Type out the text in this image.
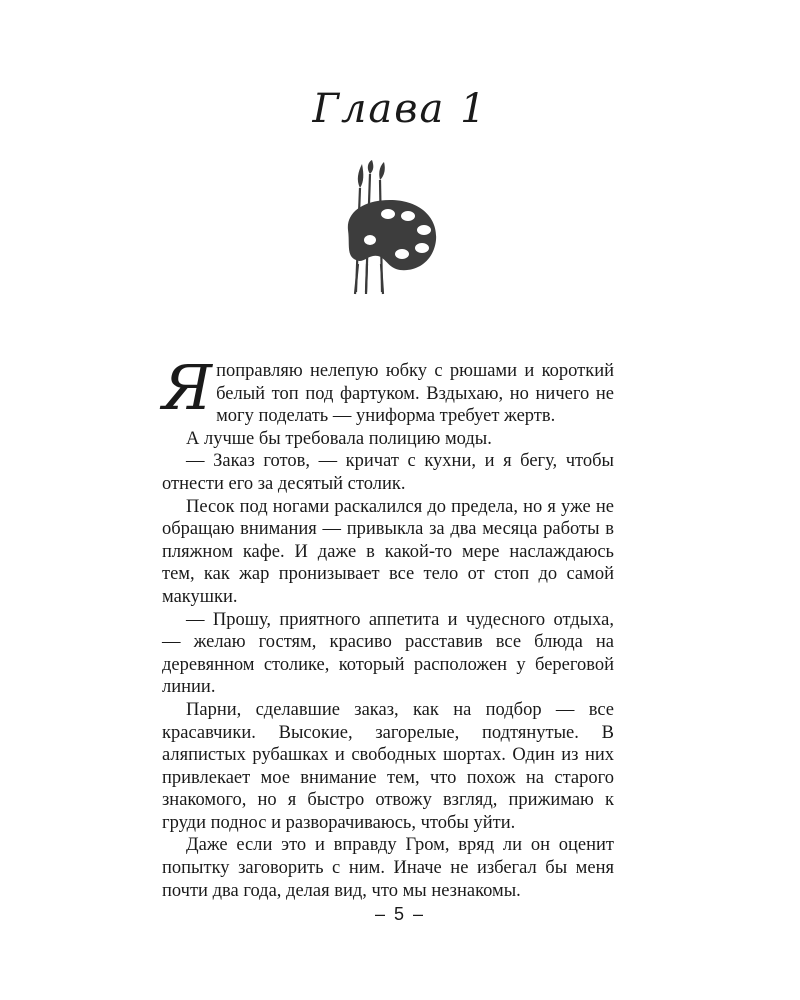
Глава 1

Я поправляю нелепую юбку с рюшами и короткий белый топ под фартуком. Вздыхаю, но ничего не могу поделать — униформа требует жертв.

А лучше бы требовала полицию моды.

— Заказ готов, — кричат с кухни, и я бегу, чтобы отнести его за десятый столик.

Песок под ногами раскалился до предела, но я уже не обращаю внимания — привыкла за два месяца работы в пляжном кафе. И даже в какой-то мере наслаждаюсь тем, как жар пронизывает все тело от стоп до самой макушки.

— Прошу, приятного аппетита и чудесного отдыха, — желаю гостям, красиво расставив все блюда на деревянном столике, который расположен у береговой линии.

Парни, сделавшие заказ, как на подбор — все красавчики. Высокие, загорелые, подтянутые. В аляпистых рубашках и свободных шортах. Один из них привлекает мое внимание тем, что похож на старого знакомого, но я быстро отвожу взгляд, прижимаю к груди поднос и разворачиваюсь, чтобы уйти.

Даже если это и вправду Гром, вряд ли он оценит попытку заговорить с ним. Иначе не избегал бы меня почти два года, делая вид, что мы незнакомы.

– 5 –
